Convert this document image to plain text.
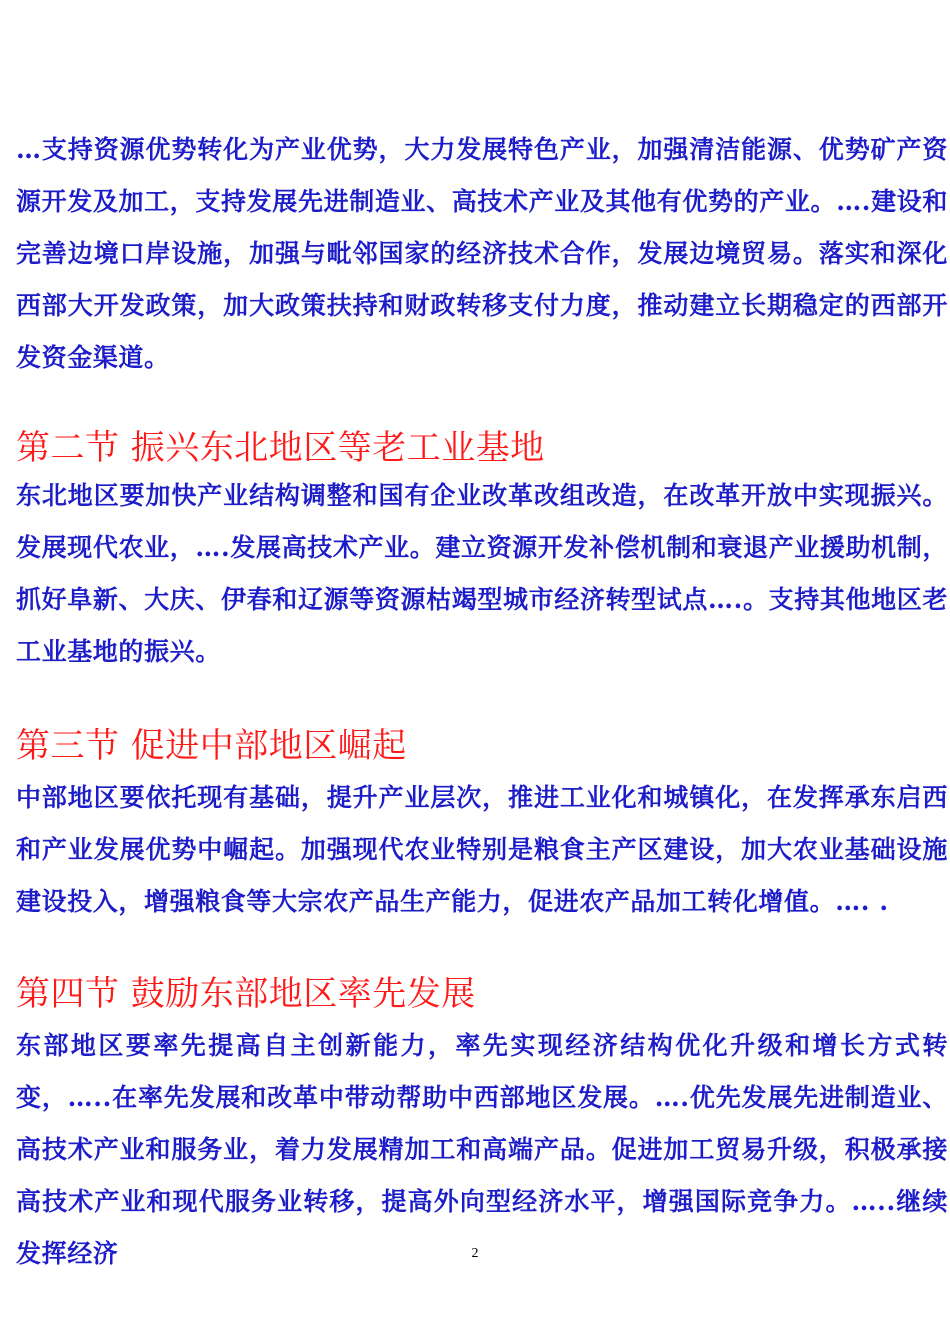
…支持资源优势转化为产业优势，大力发展特色产业，加强清洁能源、优势矿产资源开发及加工，支持发展先进制造业、高技术产业及其他有优势的产业。….建设和完善边境口岸设施，加强与毗邻国家的经济技术合作，发展边境贸易。落实和深化西部大开发政策，加大政策扶持和财政转移支付力度，推动建立长期稳定的西部开发资金渠道。

第二节 振兴东北地区等老工业基地

东北地区要加快产业结构调整和国有企业改革改组改造，在改革开放中实现振兴。发展现代农业，….发展高技术产业。建立资源开发补偿机制和衰退产业援助机制，抓好阜新、大庆、伊春和辽源等资源枯竭型城市经济转型试点….。支持其他地区老工业基地的振兴。

第三节 促进中部地区崛起

中部地区要依托现有基础，提升产业层次，推进工业化和城镇化，在发挥承东启西和产业发展优势中崛起。加强现代农业特别是粮食主产区建设，加大农业基础设施建设投入，增强粮食等大宗农产品生产能力，促进农产品加工转化增值。…. .

第四节 鼓励东部地区率先发展

东部地区要率先提高自主创新能力，率先实现经济结构优化升级和增长方式转变，…..在率先发展和改革中带动帮助中西部地区发展。….优先发展先进制造业、高技术产业和服务业，着力发展精加工和高端产品。促进加工贸易升级，积极承接高技术产业和现代服务业转移，提高外向型经济水平，增强国际竞争力。…..继续发挥经济	2
